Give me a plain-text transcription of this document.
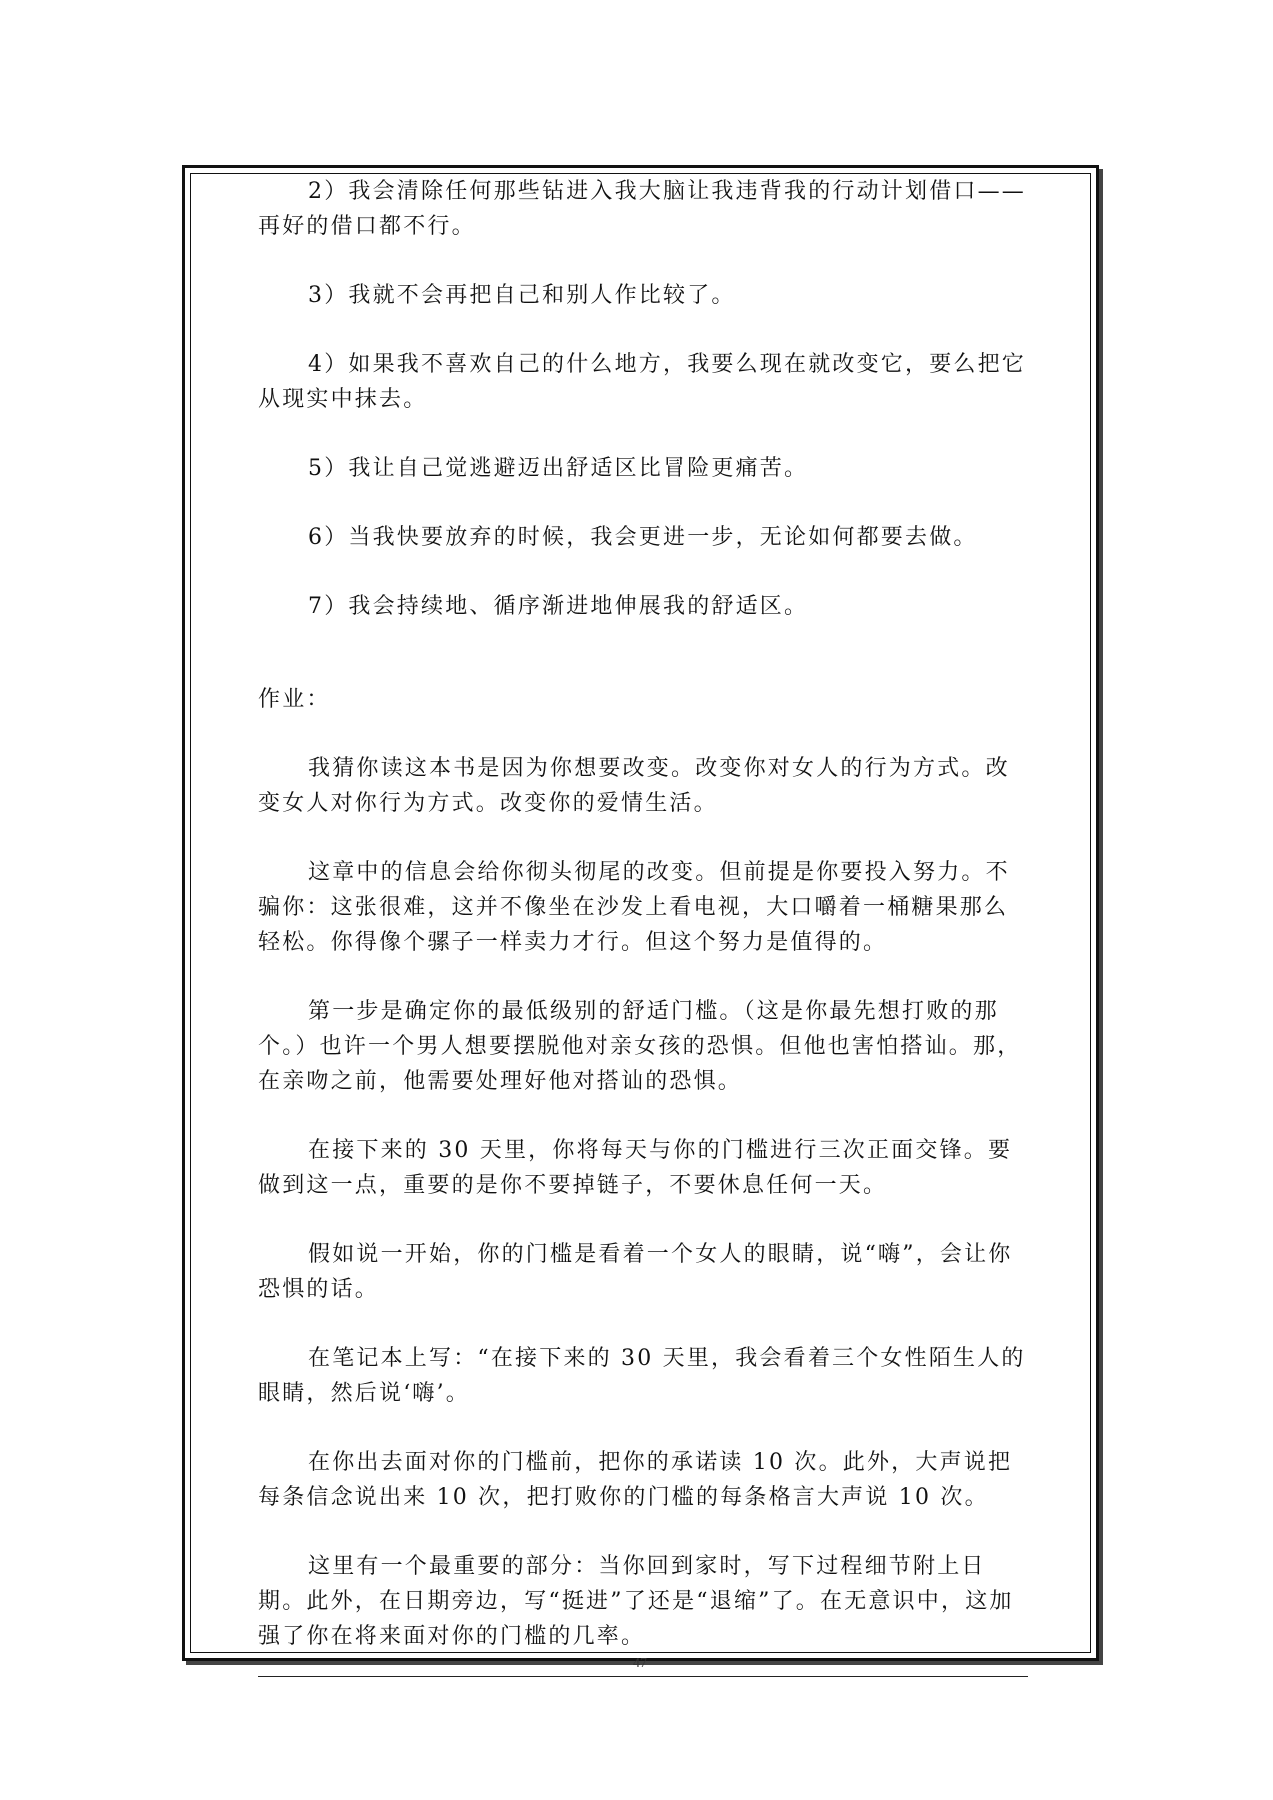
2）我会清除任何那些钻进入我大脑让我违背我的行动计划借口——再好的借口都不行。

3）我就不会再把自己和别人作比较了。

4）如果我不喜欢自己的什么地方，我要么现在就改变它，要么把它从现实中抹去。

5）我让自己觉逃避迈出舒适区比冒险更痛苦。

6）当我快要放弃的时候，我会更进一步，无论如何都要去做。

7）我会持续地、循序渐进地伸展我的舒适区。

作业：

我猜你读这本书是因为你想要改变。改变你对女人的行为方式。改变女人对你行为方式。改变你的爱情生活。

这章中的信息会给你彻头彻尾的改变。但前提是你要投入努力。不骗你：这张很难，这并不像坐在沙发上看电视，大口嚼着一桶糖果那么轻松。你得像个骡子一样卖力才行。但这个努力是值得的。

第一步是确定你的最低级别的舒适门槛。（这是你最先想打败的那个。）也许一个男人想要摆脱他对亲女孩的恐惧。但他也害怕搭讪。那，在亲吻之前，他需要处理好他对搭讪的恐惧。

在接下来的 30 天里，你将每天与你的门槛进行三次正面交锋。要做到这一点，重要的是你不要掉链子，不要休息任何一天。

假如说一开始，你的门槛是看着一个女人的眼睛，说“嗨”，会让你恐惧的话。

在笔记本上写：“在接下来的 30 天里，我会看着三个女性陌生人的眼睛，然后说‘嗨’。

在你出去面对你的门槛前，把你的承诺读 10 次。此外，大声说把每条信念说出来 10 次，把打败你的门槛的每条格言大声说 10 次。

这里有一个最重要的部分：当你回到家时，写下过程细节附上日期。此外，在日期旁边，写“挺进”了还是“退缩”了。在无意识中，这加强了你在将来面对你的门槛的几率。

47
